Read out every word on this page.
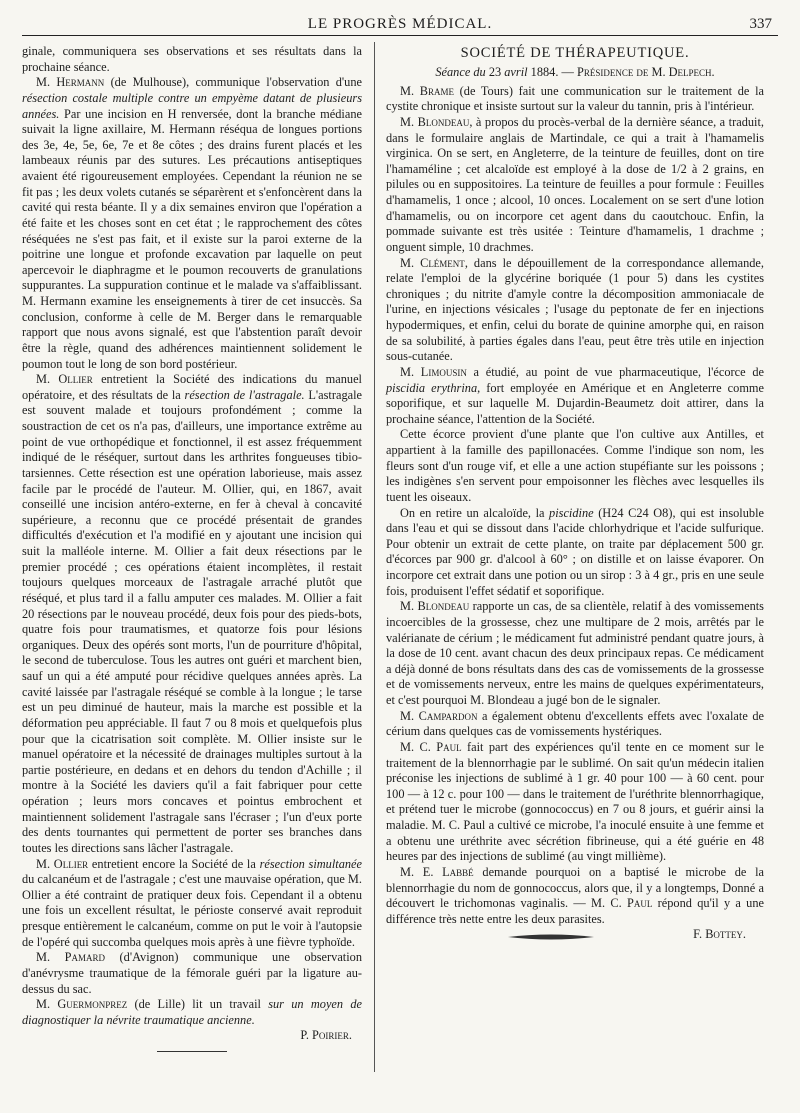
LE PROGRÈS MÉDICAL.	337

ginale, communiquera ses observations et ses résultats dans la prochaine séance.

M. Hermann (de Mulhouse), communique l'observation d'une résection costale multiple contre un empyème datant de plusieurs années. Par une incision en H renversée, dont la branche médiane suivait la ligne axillaire, M. Hermann réséqua de longues portions des 3e, 4e, 5e, 6e, 7e et 8e côtes ; des drains furent placés et les lambeaux réunis par des sutures. Les précautions antiseptiques avaient été rigoureusement employées. Cependant la réunion ne se fit pas ; les deux volets cutanés se séparèrent et s'enfoncèrent dans la cavité qui resta béante. Il y a dix semaines environ que l'opération a été faite et les choses sont en cet état ; le rapprochement des côtes réséquées ne s'est pas fait, et il existe sur la paroi externe de la poitrine une longue et profonde excavation par laquelle on peut apercevoir le diaphragme et le poumon recouverts de granulations suppurantes. La suppuration continue et le malade va s'affaiblissant. M. Hermann examine les enseignements à tirer de cet insuccès. Sa conclusion, conforme à celle de M. Berger dans le remarquable rapport que nous avons signalé, est que l'abstention paraît devoir être la règle, quand des adhérences maintiennent solidement le poumon tout le long de son bord postérieur.

M. Ollier entretient la Société des indications du manuel opératoire, et des résultats de la résection de l'astragale. L'astragale est souvent malade et toujours profondément ; comme la soustraction de cet os n'a pas, d'ailleurs, une importance extrême au point de vue orthopédique et fonctionnel, il est assez fréquemment indiqué de le réséquer, surtout dans les arthrites fongueuses tibio-tarsiennes. Cette résection est une opération laborieuse, mais assez facile par le procédé de l'auteur. M. Ollier, qui, en 1867, avait conseillé une incision antéro-externe, en fer à cheval à concavité supérieure, a reconnu que ce procédé présentait de grandes difficultés d'exécution et l'a modifié en y ajoutant une incision qui suit la malléole interne. M. Ollier a fait deux résections par le premier procédé ; ces opérations étaient incomplètes, il restait toujours quelques morceaux de l'astragale arraché plutôt que réséqué, et plus tard il a fallu amputer ces malades. M. Ollier a fait 20 résections par le nouveau procédé, deux fois pour des pieds-bots, quatre fois pour traumatismes, et quatorze fois pour lésions organiques. Deux des opérés sont morts, l'un de pourriture d'hôpital, le second de tuberculose. Tous les autres ont guéri et marchent bien, sauf un qui a été amputé pour récidive quelques années après. La cavité laissée par l'astragale réséqué se comble à la longue ; le tarse est un peu diminué de hauteur, mais la marche est possible et la déformation peu appréciable. Il faut 7 ou 8 mois et quelquefois plus pour que la cicatrisation soit complète. M. Ollier insiste sur le manuel opératoire et la nécessité de drainages multiples surtout à la partie postérieure, en dedans et en dehors du tendon d'Achille ; il montre à la Société les daviers qu'il a fait fabriquer pour cette opération ; leurs mors concaves et pointus embrochent et maintiennent solidement l'astragale sans l'écraser ; l'un d'eux porte des dents tournantes qui permettent de porter ses branches dans toutes les directions sans lâcher l'astragale.

M. Ollier entretient encore la Société de la résection simultanée du calcanéum et de l'astragale ; c'est une mauvaise opération, que M. Ollier a été contraint de pratiquer deux fois. Cependant il a obtenu une fois un excellent résultat, le périoste conservé avait reproduit presque entièrement le calcanéum, comme on put le voir à l'autopsie de l'opéré qui succomba quelques mois après à une fièvre typhoïde.

M. Pamard (d'Avignon) communique une observation d'anévrysme traumatique de la fémorale guéri par la ligature au-dessus du sac.

M. Guermonprez (de Lille) lit un travail sur un moyen de diagnostiquer la névrite traumatique ancienne.

P. Poirier.

SOCIÉTÉ DE THÉRAPEUTIQUE.

Séance du 23 avril 1884. — Présidence de M. Delpech.

M. Brame (de Tours) fait une communication sur le traitement de la cystite chronique et insiste surtout sur la valeur du tannin, pris à l'intérieur.

M. Blondeau, à propos du procès-verbal de la dernière séance, a traduit, dans le formulaire anglais de Martindale, ce qui a trait à l'hamamelis virginica. On se sert, en Angleterre, de la teinture de feuilles, dont on tire l'hamaméline ; cet alcaloïde est employé à la dose de 1/2 à 2 grains, en pilules ou en suppositoires. La teinture de feuilles a pour formule : Feuilles d'hamamelis, 1 once ; alcool, 10 onces. Localement on se sert d'une lotion d'hamamelis, ou on incorpore cet agent dans du caoutchouc. Enfin, la pommade suivante est très usitée : Teinture d'hamamelis, 1 drachme ; onguent simple, 10 drachmes.

M. Clément, dans le dépouillement de la correspondance allemande, relate l'emploi de la glycérine boriquée (1 pour 5) dans les cystites chroniques ; du nitrite d'amyle contre la décomposition ammoniacale de l'urine, en injections vésicales ; l'usage du peptonate de fer en injections hypodermiques, et enfin, celui du borate de quinine amorphe qui, en raison de sa solubilité, à parties égales dans l'eau, peut être très utile en injection sous-cutanée.

M. Limousin a étudié, au point de vue pharmaceutique, l'écorce de piscidia erythrina, fort employée en Amérique et en Angleterre comme soporifique, et sur laquelle M. Dujardin-Beaumetz doit attirer, dans la prochaine séance, l'attention de la Société.

Cette écorce provient d'une plante que l'on cultive aux Antilles, et appartient à la famille des papillonacées. Comme l'indique son nom, les fleurs sont d'un rouge vif, et elle a une action stupéfiante sur les poissons ; les indigènes s'en servent pour empoisonner les flèches avec lesquelles ils tuent les oiseaux.

On en retire un alcaloïde, la piscidine (H24 C24 O8), qui est insoluble dans l'eau et qui se dissout dans l'acide chlorhydrique et l'acide sulfurique. Pour obtenir un extrait de cette plante, on traite par déplacement 500 gr. d'écorces par 900 gr. d'alcool à 60° ; on distille et on laisse évaporer. On incorpore cet extrait dans une potion ou un sirop : 3 à 4 gr., pris en une seule fois, produisent l'effet sédatif et soporifique.

M. Blondeau rapporte un cas, de sa clientèle, relatif à des vomissements incoercibles de la grossesse, chez une multipare de 2 mois, arrêtés par le valérianate de cérium ; le médicament fut administré pendant quatre jours, à la dose de 10 cent. avant chacun des deux principaux repas. Ce médicament a déjà donné de bons résultats dans des cas de vomissements de la grossesse et de vomissements nerveux, entre les mains de quelques expérimentateurs, et c'est pourquoi M. Blondeau a jugé bon de le signaler.

M. Campardon a également obtenu d'excellents effets avec l'oxalate de cérium dans quelques cas de vomissements hystériques.

M. C. Paul fait part des expériences qu'il tente en ce moment sur le traitement de la blennorrhagie par le sublimé. On sait qu'un médecin italien préconise les injections de sublimé à 1 gr. 40 pour 100 — à 60 cent. pour 100 — à 12 c. pour 100 — dans le traitement de l'uréthrite blennorrhagique, et prétend tuer le microbe (gonnococcus) en 7 ou 8 jours, et guérir ainsi la maladie. M. C. Paul a cultivé ce microbe, l'a inoculé ensuite à une femme et a obtenu une uréthrite avec sécrétion fibrineuse, qui a été guérie en 48 heures par des injections de sublimé (au vingt millième).

M. E. Labbé demande pourquoi on a baptisé le microbe de la blennorrhagie du nom de gonnococcus, alors que, il y a longtemps, Donné a découvert le trichomonas vaginalis. — M. C. Paul répond qu'il y a une différence très nette entre les deux parasites.

F. Bottey.
